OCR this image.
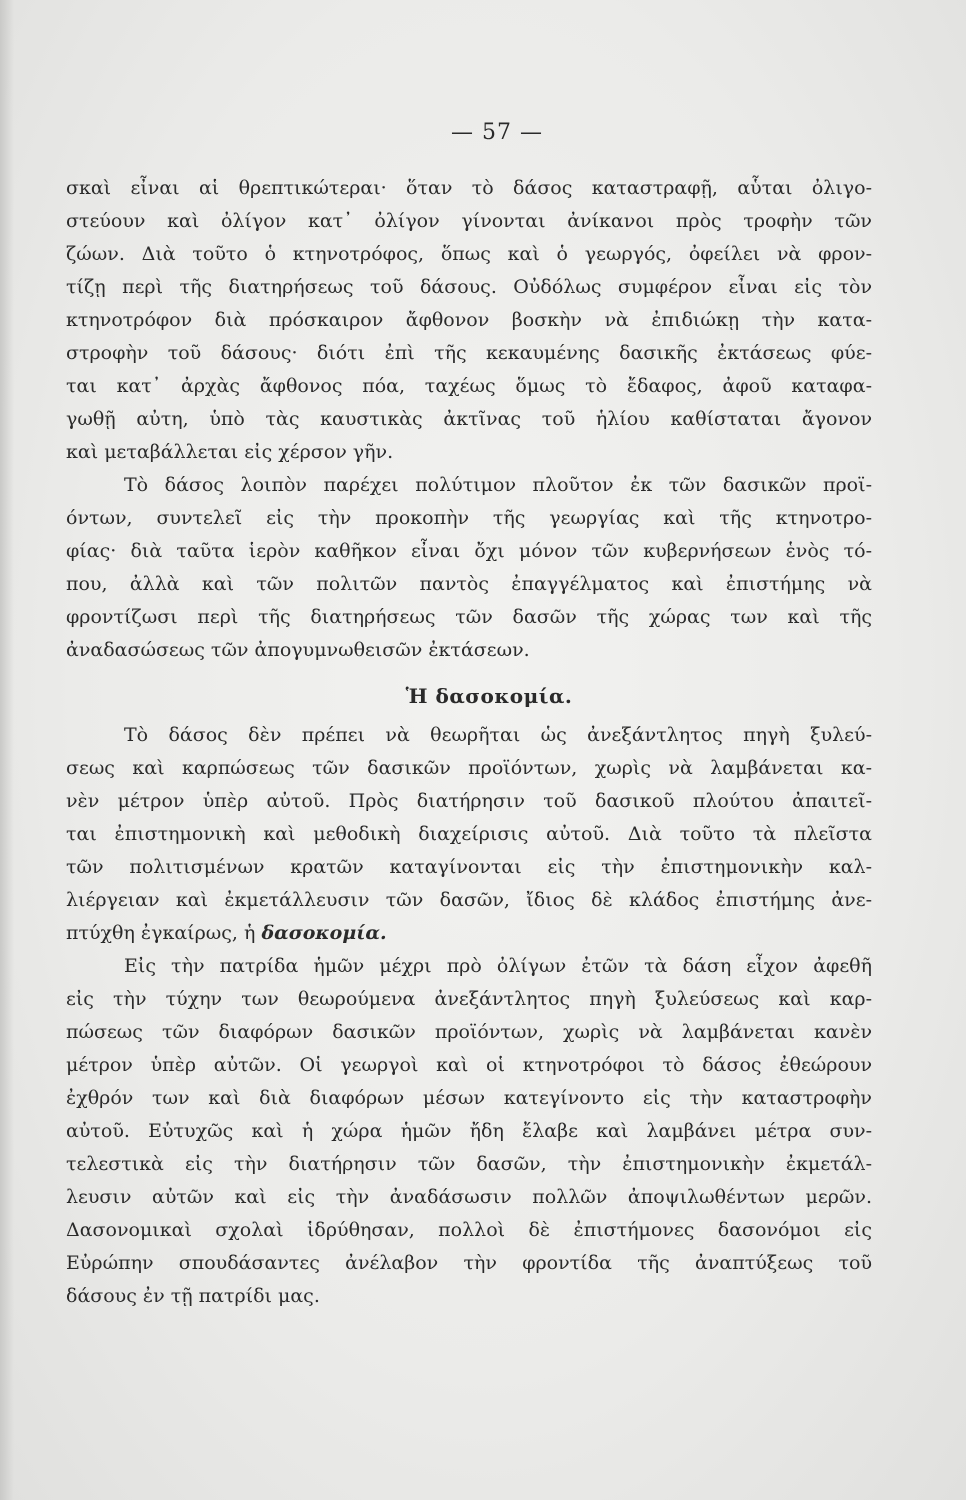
— 57 —
σκαὶ εἶναι αἱ θρεπτικώτεραι· ὅταν τὸ δάσος καταστραφῇ, αὗται ὀλιγο-
στεύουν καὶ ὀλίγον κατ᾽ ὀλίγον γίνονται ἀνίκανοι πρὸς τροφὴν τῶν
ζώων. Διὰ τοῦτο ὁ κτηνοτρόφος, ὅπως καὶ ὁ γεωργός, ὀφείλει νὰ φρον-
τίζῃ περὶ τῆς διατηρήσεως τοῦ δάσους. Οὐδόλως συμφέρον εἶναι εἰς τὸν
κτηνοτρόφον διὰ πρόσκαιρον ἄφθονον βοσκὴν νὰ ἐπιδιώκῃ τὴν κατα-
στροφὴν τοῦ δάσους· διότι ἐπὶ τῆς κεκαυμένης δασικῆς ἐκτάσεως φύε-
ται κατ᾽ ἀρχὰς ἄφθονος πόα, ταχέως ὅμως τὸ ἔδαφος, ἀφοῦ καταφα-
γωθῇ αὐτη, ὑπὸ τὰς καυστικὰς ἀκτῖνας τοῦ ἡλίου καθίσταται ἄγονον
καὶ μεταβάλλεται εἰς χέρσον γῆν.
Τὸ δάσος λοιπὸν παρέχει πολύτιμον πλοῦτον ἐκ τῶν δασικῶν προϊ-
όντων, συντελεῖ εἰς τὴν προκοπὴν τῆς γεωργίας καὶ τῆς κτηνοτρο-
φίας· διὰ ταῦτα ἱερὸν καθῆκον εἶναι ὄχι μόνον τῶν κυβερνήσεων ἑνὸς τό-
που, ἀλλὰ καὶ τῶν πολιτῶν παντὸς ἐπαγγέλματος καὶ ἐπιστήμης νὰ
φροντίζωσι περὶ τῆς διατηρήσεως τῶν δασῶν τῆς χώρας των καὶ τῆς
ἀναδασώσεως τῶν ἀπογυμνωθεισῶν ἐκτάσεων.
Ἡ δασοκομία.
Τὸ δάσος δὲν πρέπει νὰ θεωρῆται ὡς ἀνεξάντλητος πηγὴ ξυλεύ-
σεως καὶ καρπώσεως τῶν δασικῶν προϊόντων, χωρὶς νὰ λαμβάνεται κα-
νὲν μέτρον ὑπὲρ αὐτοῦ. Πρὸς διατήρησιν τοῦ δασικοῦ πλούτου ἀπαιτεῖ-
ται ἐπιστημονικὴ καὶ μεθοδικὴ διαχείρισις αὐτοῦ. Διὰ τοῦτο τὰ πλεῖστα
τῶν πολιτισμένων κρατῶν καταγίνονται εἰς τὴν ἐπιστημονικὴν καλ-
λιέργειαν καὶ ἐκμετάλλευσιν τῶν δασῶν, ἴδιος δὲ κλάδος ἐπιστήμης ἀνε-
πτύχθη ἐγκαίρως, ἡ δασοκομία.
Εἰς τὴν πατρίδα ἡμῶν μέχρι πρὸ ὀλίγων ἐτῶν τὰ δάση εἶχον ἀφεθῆ
εἰς τὴν τύχην των θεωρούμενα ἀνεξάντλητος πηγὴ ξυλεύσεως καὶ καρ-
πώσεως τῶν διαφόρων δασικῶν προϊόντων, χωρὶς νὰ λαμβάνεται κανὲν
μέτρον ὑπὲρ αὐτῶν. Οἱ γεωργοὶ καὶ οἱ κτηνοτρόφοι τὸ δάσος ἐθεώρουν
ἐχθρόν των καὶ διὰ διαφόρων μέσων κατεγίνοντο εἰς τὴν καταστροφὴν
αὐτοῦ. Εὐτυχῶς καὶ ἡ χώρα ἡμῶν ἤδη ἔλαβε καὶ λαμβάνει μέτρα συν-
τελεστικὰ εἰς τὴν διατήρησιν τῶν δασῶν, τὴν ἐπιστημονικὴν ἐκμετάλ-
λευσιν αὐτῶν καὶ εἰς τὴν ἀναδάσωσιν πολλῶν ἀποψιλωθέντων μερῶν.
Δασονομικαὶ σχολαὶ ἱδρύθησαν, πολλοὶ δὲ ἐπιστήμονες δασονόμοι εἰς
Εὐρώπην σπουδάσαντες ἀνέλαβον τὴν φροντίδα τῆς ἀναπτύξεως τοῦ
δάσους ἐν τῇ πατρίδι μας.
